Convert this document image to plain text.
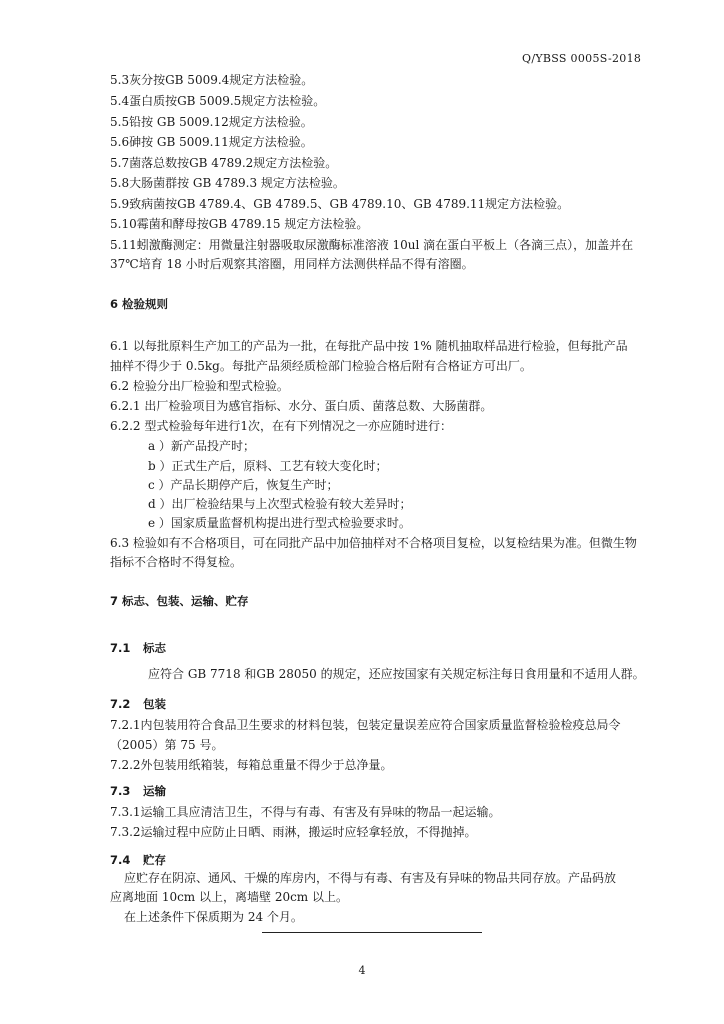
Q/YBSS 0005S-2018
5.3灰分按GB 5009.4规定方法检验。
5.4蛋白质按GB 5009.5规定方法检验。
5.5铅按 GB 5009.12规定方法检验。
5.6砷按 GB 5009.11规定方法检验。
5.7菌落总数按GB 4789.2规定方法检验。
5.8大肠菌群按 GB 4789.3 规定方法检验。
5.9致病菌按GB 4789.4、GB 4789.5、GB 4789.10、GB 4789.11规定方法检验。
5.10霉菌和酵母按GB 4789.15 规定方法检验。
5.11蚓激酶测定：用微量注射器吸取尿激酶标准溶液 10ul 滴在蛋白平板上（各滴三点），加盖并在
37℃培育 18 小时后观察其溶圈，用同样方法测供样品不得有溶圈。
6 检验规则
6.1 以每批原料生产加工的产品为一批，在每批产品中按 1% 随机抽取样品进行检验，但每批产品
抽样不得少于 0.5kg。每批产品须经质检部门检验合格后附有合格证方可出厂。
6.2 检验分出厂检验和型式检验。
6.2.1 出厂检验项目为感官指标、水分、蛋白质、菌落总数、大肠菌群。
6.2.2 型式检验每年进行1次，在有下列情况之一亦应随时进行：
a ）新产品投产时；
b ）正式生产后，原料、工艺有较大变化时；
c ）产品长期停产后，恢复生产时；
d ）出厂检验结果与上次型式检验有较大差异时；
e ）国家质量监督机构提出进行型式检验要求时。
6.3 检验如有不合格项目，可在同批产品中加倍抽样对不合格项目复检，以复检结果为准。但微生物
指标不合格时不得复检。
7 标志、包装、运输、贮存
7.1 标志
应符合 GB 7718 和GB 28050 的规定，还应按国家有关规定标注每日食用量和不适用人群。
7.2 包装
7.2.1内包装用符合食品卫生要求的材料包装，包装定量误差应符合国家质量监督检验检疫总局令
（2005）第 75 号。
7.2.2外包装用纸箱装，每箱总重量不得少于总净量。
7.3 运输
7.3.1运输工具应清洁卫生，不得与有毒、有害及有异味的物品一起运输。
7.3.2运输过程中应防止日晒、雨淋，搬运时应轻拿轻放，不得抛掉。
7.4 贮存
应贮存在阴凉、通风、干燥的库房内，不得与有毒、有害及有异味的物品共同存放。产品码放
应离地面 10cm 以上，离墙壁 20cm 以上。
在上述条件下保质期为 24 个月。
4
